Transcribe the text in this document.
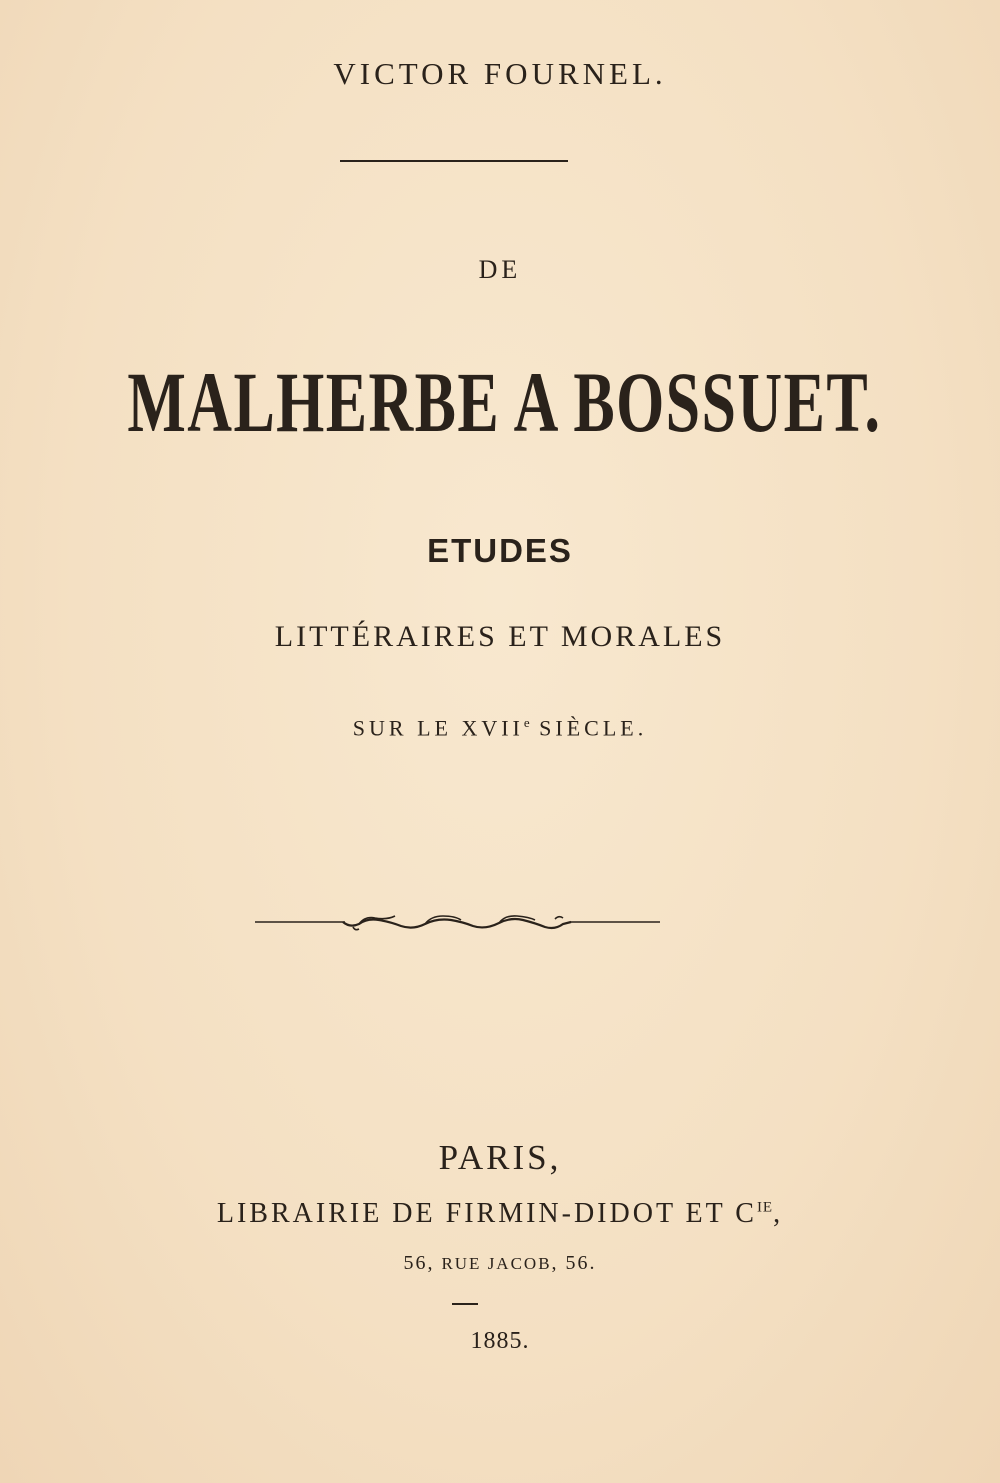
VICTOR FOURNEL.
DE
MALHERBE A BOSSUET.
ETUDES
LITTÉRAIRES ET MORALES
SUR LE XVIIe SIÈCLE.
PARIS,
LIBRAIRIE DE FIRMIN-DIDOT ET $C^{IE}$,
56, RUE JACOB, 56.
1885.
